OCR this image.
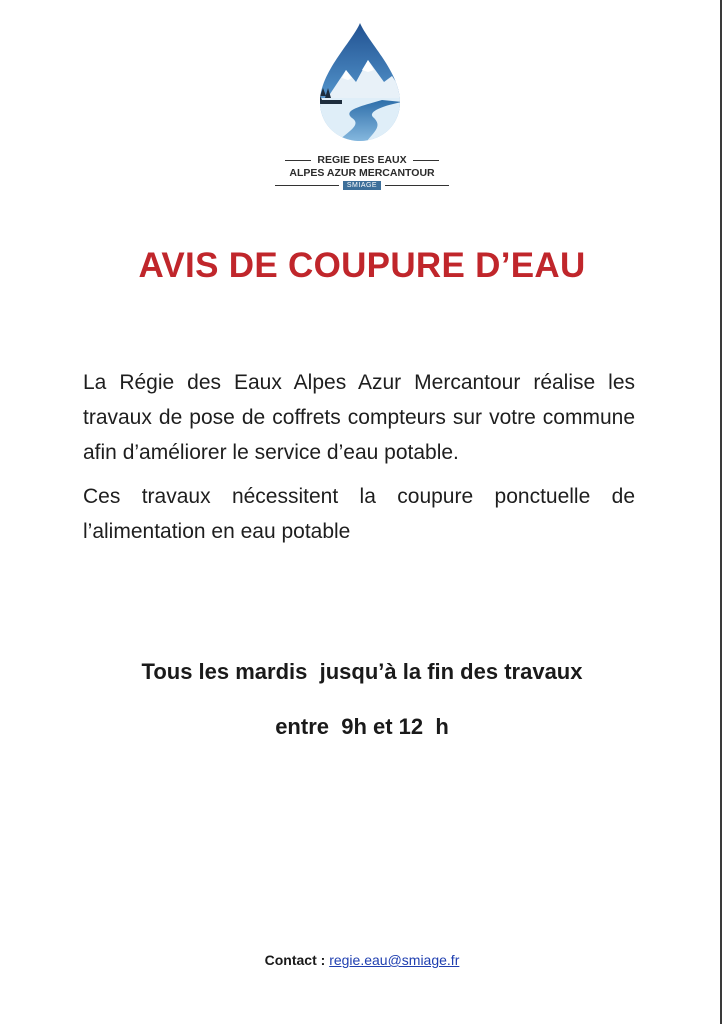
REGIE DES EAUX
ALPES AZUR MERCANTOUR
SMIAGE
AVIS DE COUPURE D’EAU

La Régie des Eaux Alpes Azur Mercantour réalise les travaux de pose de coffrets compteurs sur votre commune afin d’améliorer le service d’eau potable.

Ces travaux nécessitent la coupure ponctuelle de l’alimentation en eau potable

Tous les mardis  jusqu’à la fin des travaux
entre  9h et 12  h
Contact : regie.eau@smiage.fr
